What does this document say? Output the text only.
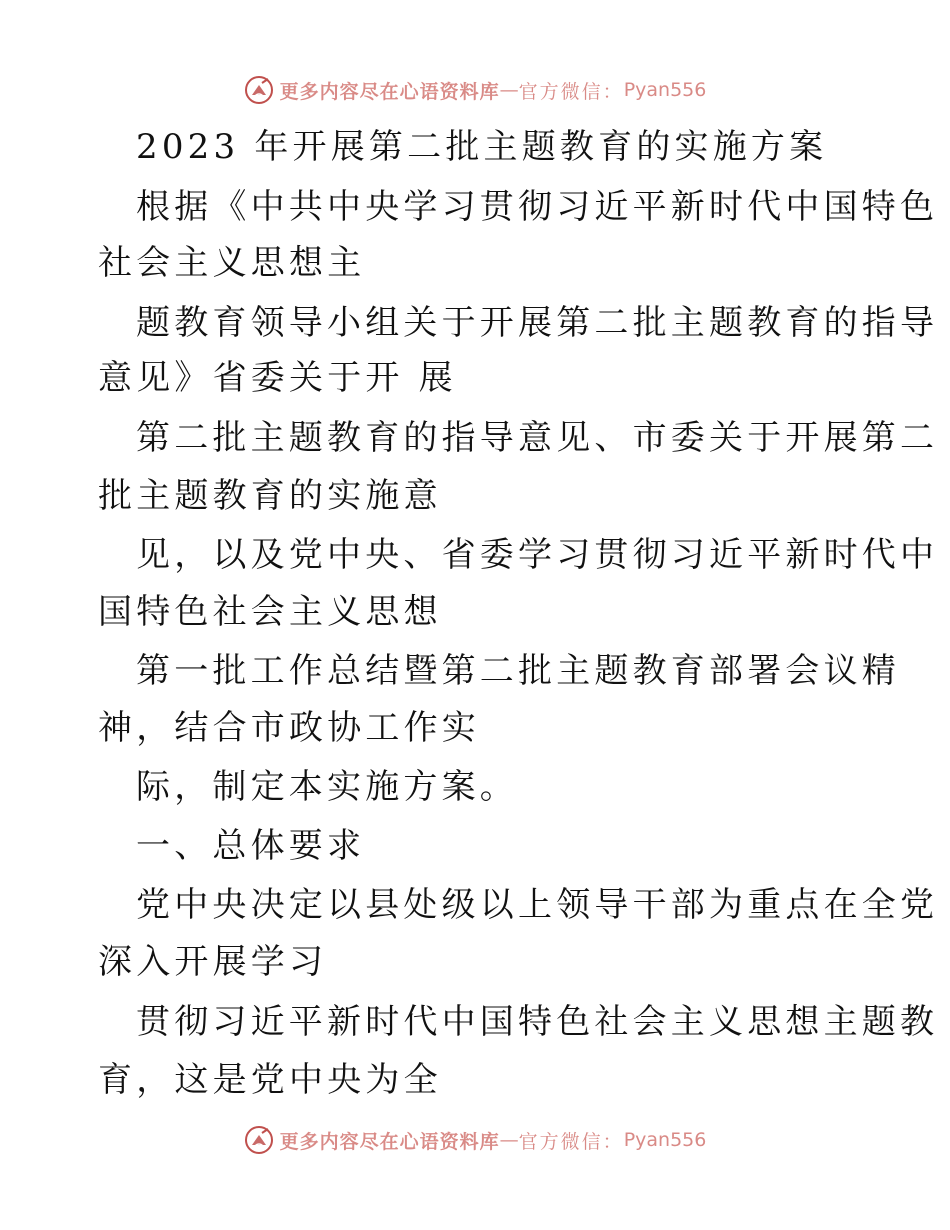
更多内容尽在心语资料库 — 官方微信： Pyan556
2023 年开展第二批主题教育的实施方案
根据《中共中央学习贯彻习近平新时代中国特色
社会主义思想主
题教育领导小组关于开展第二批主题教育的指导
意见》省委关于开 展
第二批主题教育的指导意见、市委关于开展第二
批主题教育的实施意
见，以及党中央、省委学习贯彻习近平新时代中
国特色社会主义思想
第一批工作总结暨第二批主题教育部署会议精
神，结合市政协工作实
际，制定本实施方案。
一、总体要求
党中央决定以县处级以上领导干部为重点在全党
深入开展学习
贯彻习近平新时代中国特色社会主义思想主题教
育，这是党中央为全
更多内容尽在心语资料库 — 官方微信： Pyan556
